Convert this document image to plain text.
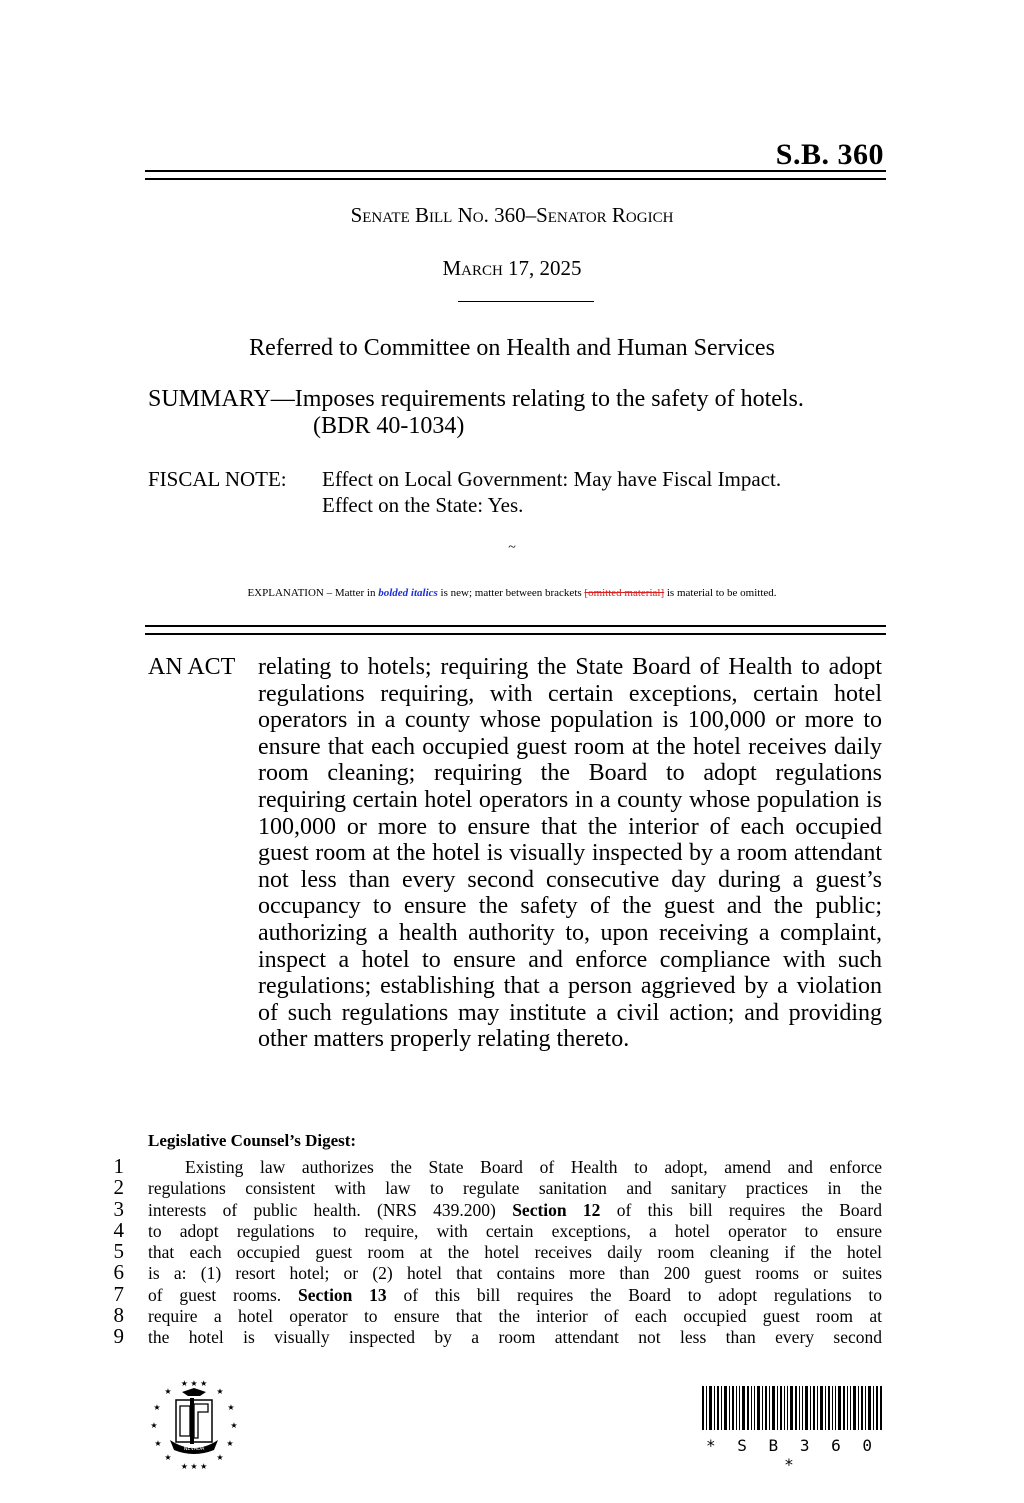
S.B. 360
Senate Bill No. 360–Senator Rogich
March 17, 2025
Referred to Committee on Health and Human Services
SUMMARY—Imposes requirements relating to the safety of hotels.
(BDR 40-1034)
FISCAL NOTE:	Effect on Local Government: May have Fiscal Impact.
Effect on the State: Yes.
~
EXPLANATION – Matter in bolded italics is new; matter between brackets [omitted material] is material to be omitted.
AN ACT relating to hotels; requiring the State Board of Health to adopt regulations requiring, with certain exceptions, certain hotel operators in a county whose population is 100,000 or more to ensure that each occupied guest room at the hotel receives daily room cleaning; requiring the Board to adopt regulations requiring certain hotel operators in a county whose population is 100,000 or more to ensure that the interior of each occupied guest room at the hotel is visually inspected by a room attendant not less than every second consecutive day during a guest’s occupancy to ensure the safety of the guest and the public; authorizing a health authority to, upon receiving a complaint, inspect a hotel to ensure and enforce compliance with such regulations; establishing that a person aggrieved by a violation of such regulations may institute a civil action; and providing other matters properly relating thereto.
Legislative Counsel’s Digest:
1
2
3
4
5
6
7
8
9

Existing law authorizes the State Board of Health to adopt, amend and enforce

regulations consistent with law to regulate sanitation and sanitary practices in the

interests of public health. (NRS 439.200) Section 12 of this bill requires the Board

to adopt regulations to require, with certain exceptions, a hotel operator to ensure

that each occupied guest room at the hotel receives daily room cleaning if the hotel

is a: (1) resort hotel; or (2) hotel that contains more than 200 guest rooms or suites

of guest rooms. Section 13 of this bill requires the Board to adopt regulations to

require a hotel operator to ensure that the interior of each occupied guest room at

the hotel is visually inspected by a room attendant not less than every second

★ ★ ★
★	★
★	★
★	★
★	★
★	★
★ ★ ★
NEVADA	* S B 3 6 0 *
